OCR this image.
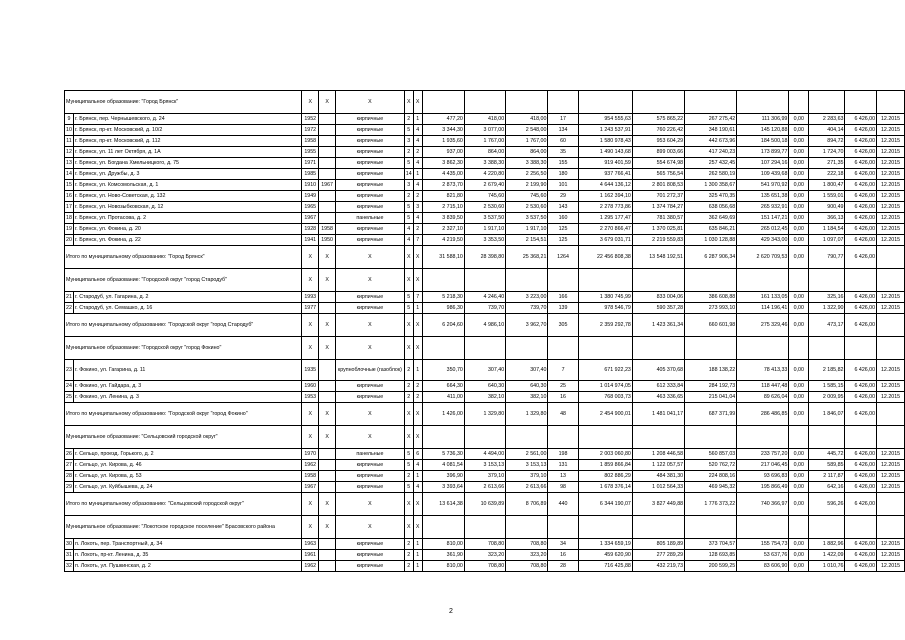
Муниципальное образование: "Город Брянск"		Х	Х	Х	Х	Х												
9	г. Брянск, пер. Чернышевского, д. 24	1952		кирпичные	2	1	477,20	418,00	418,00	17	954 555,63	575 865,22	267 275,42	111 306,99	0,00	2 283,63	6 426,00	12.2015
10	г. Брянск, пр-кт. Московский, д. 10/2	1972		кирпичные	5	4	3 344,30	3 077,00	2 548,00	134	1 243 537,91	760 226,42	348 190,61	145 120,88	0,00	404,14	6 426,00	12.2015
11	г. Брянск, пр-кт. Московский, д. 112	1958		кирпичные	3	4	1 935,60	1 767,00	1 767,00	60	1 580 978,43	953 604,29	442 673,96	184 500,18	0,00	894,72	6 426,00	12.2015
12	г. Брянск, ул. 11 лет Октября, д. 1А	1955		кирпичные	2	2	937,00	864,00	864,00	35	1 490 143,68	899 003,66	417 240,23	173 899,77	0,00	1 724,70	6 426,00	12.2015
13	г. Брянск, ул. Богдана Хмельницкого, д. 75	1971		кирпичные	5	4	3 862,30	3 388,30	3 388,30	155	919 401,59	554 674,98	257 432,45	107 294,16	0,00	271,35	6 426,00	12.2015
14	г. Брянск, ул. Дружбы, д. 3	1985		кирпичные	14	1	4 435,00	4 220,80	2 256,50	180	937 766,41	565 756,54	262 580,19	109 439,68	0,00	222,18	6 426,00	12.2015
15	г. Брянск, ул. Комсомольская, д. 1	1910	1967	кирпичные	3	4	2 873,70	2 679,40	2 199,90	101	4 644 136,12	2 801 808,53	1 300 358,67	541 970,92	0,00	1 800,47	6 426,00	12.2015
16	г. Брянск, ул. Ново-Советская, д. 132	1949		кирпичные	2	2	821,80	745,60	745,60	29	1 162 394,10	701 272,37	325 470,35	135 651,38	0,00	1 559,01	6 426,00	12.2015
17	г. Брянск, ул. Новозыбковская, д. 12	1965		кирпичные	5	3	2 715,10	2 530,60	2 530,60	143	2 278 773,86	1 374 784,27	638 056,68	265 932,91	0,00	900,49	6 426,00	12.2015
18	г. Брянск, ул. Протасова, д. 2	1967		панельные	5	4	3 839,50	3 537,50	3 537,50	160	1 295 177,47	781 380,57	362 649,69	151 147,21	0,00	366,13	6 426,00	12.2015
19	г. Брянск, ул. Фокина, д. 20	1928	1958	кирпичные	4	2	2 327,10	1 917,10	1 917,10	125	2 270 866,47	1 370 025,81	635 846,21	265 012,45	0,00	1 184,54	6 426,00	12.2015
20	г. Брянск, ул. Фокина, д. 22	1941	1950	кирпичные	4	7	4 219,50	3 353,50	2 154,51	125	3 679 031,71	2 219 559,83	1 030 128,88	429 343,00	0,00	1 097,07	6 426,00	12.2015
Итого по муниципальному образованию: "Город Брянск"		Х	Х	Х	Х	Х	31 588,10	28 398,80	25 368,21	1264	22 456 808,38	13 548 192,51	6 287 906,34	2 620 709,53	0,00	790,77	6 426,00	
Муниципальное образование: "Городской округ "город Стародуб"		Х	Х	Х	Х	Х												
21	г. Стародуб, ул. Гагарина, д. 2	1993		кирпичные	5	7	5 218,30	4 246,40	3 223,00	166	1 380 745,99	833 004,06	386 608,88	161 133,05	0,00	325,16	6 426,00	12.2015
22	г. Стародуб, ул. Семашко, д. 16	1977		кирпичные	5	1	986,30	739,70	739,70	139	978 546,79	590 357,28	273 993,10	114 196,41	0,00	1 322,90	6 426,00	12.2015
Итого по муниципальному образованию: "Городской округ "город Стародуб"		Х	Х	Х	Х	Х	6 204,60	4 986,10	3 962,70	305	2 359 292,78	1 423 361,34	660 601,98	275 329,46	0,00	473,17	6 426,00	
Муниципальное образование: "Городской округ "город Фокино"		Х	Х	Х	Х	Х												
23	г. Фокино, ул. Гагарина, д. 11	1935		крупноблочные (газоблок)	2	1	350,70	307,40	307,40	7	671 922,23	405 370,68	188 138,22	78 413,33	0,00	2 185,82	6 426,00	12.2015
24	г. Фокино, ул. Гайдара, д. 3	1960		кирпичные	2	2	664,30	640,30	640,30	25	1 014 974,05	612 333,84	284 192,73	118 447,48	0,00	1 585,15	6 426,00	12.2015
25	г. Фокино, ул. Ленина, д. 3	1953		кирпичные	2	2	411,00	382,10	382,10	16	768 003,73	463 336,65	215 041,04	89 626,04	0,00	2 009,95	6 426,00	12.2015
Итого по муниципальному образованию: "Городской округ "город Фокино"		Х	Х	Х	Х	Х	1 426,00	1 329,80	1 329,80	48	2 454 900,01	1 481 041,17	687 371,99	286 486,85	0,00	1 846,07	6 426,00	
Муниципальное образование: "Сельцовский городской округ"		Х	Х	Х	Х	Х												
26	г. Сельцо, проезд. Горького, д. 2	1970		панельные	5	6	5 736,30	4 494,00	2 561,00	198	2 003 060,80	1 208 446,58	560 857,03	233 757,20	0,00	445,72	6 426,00	12.2015
27	г. Сельцо, ул. Кирова, д. 46	1962		кирпичные	5	4	4 081,54	3 153,13	3 153,13	131	1 859 866,84	1 122 057,57	520 762,72	217 046,45	0,00	589,85	6 426,00	12.2015
28	г. Сельцо, ул. Кирова, д. 53	1958		кирпичные	2	1	396,90	379,10	379,10	13	802 886,29	484 381,30	224 808,16	93 696,83	0,00	2 117,87	6 426,00	12.2015
29	г. Сельцо, ул. Куйбышева, д. 24	1967		кирпичные	5	4	3 393,64	2 613,66	2 613,66	98	1 678 376,14	1 012 564,33	469 945,32	195 866,49	0,00	642,16	6 426,00	12.2015
Итого по муниципальному образованию: "Сельцовский городской округ"		Х	Х	Х	Х	Х	13 614,38	10 639,89	8 706,89	440	6 344 190,07	3 827 449,88	1 776 373,22	740 366,97	0,00	596,26	6 426,00	
Муниципальное образование: "Локотское городское поселение" Брасовского района		Х	Х	Х	Х	Х												
30	п. Локоть, пер. Транспортный, д. 34	1963		кирпичные	2	1	810,00	708,80	708,80	34	1 334 659,19	805 189,89	373 704,57	155 754,73	0,00	1 882,96	6 426,00	12.2015
31	п. Локоть, пр-кт. Ленина, д. 35	1961		кирпичные	2	1	361,90	323,20	323,20	16	459 620,90	277 289,29	128 693,85	53 637,76	0,00	1 422,09	6 426,00	12.2015
32	п. Локоть, ул. Пушкинская, д. 2	1962		кирпичные	2	1	810,00	708,80	708,80	28	716 425,88	432 219,73	200 599,25	83 606,90	0,00	1 010,76	6 426,00	12.2015
2
